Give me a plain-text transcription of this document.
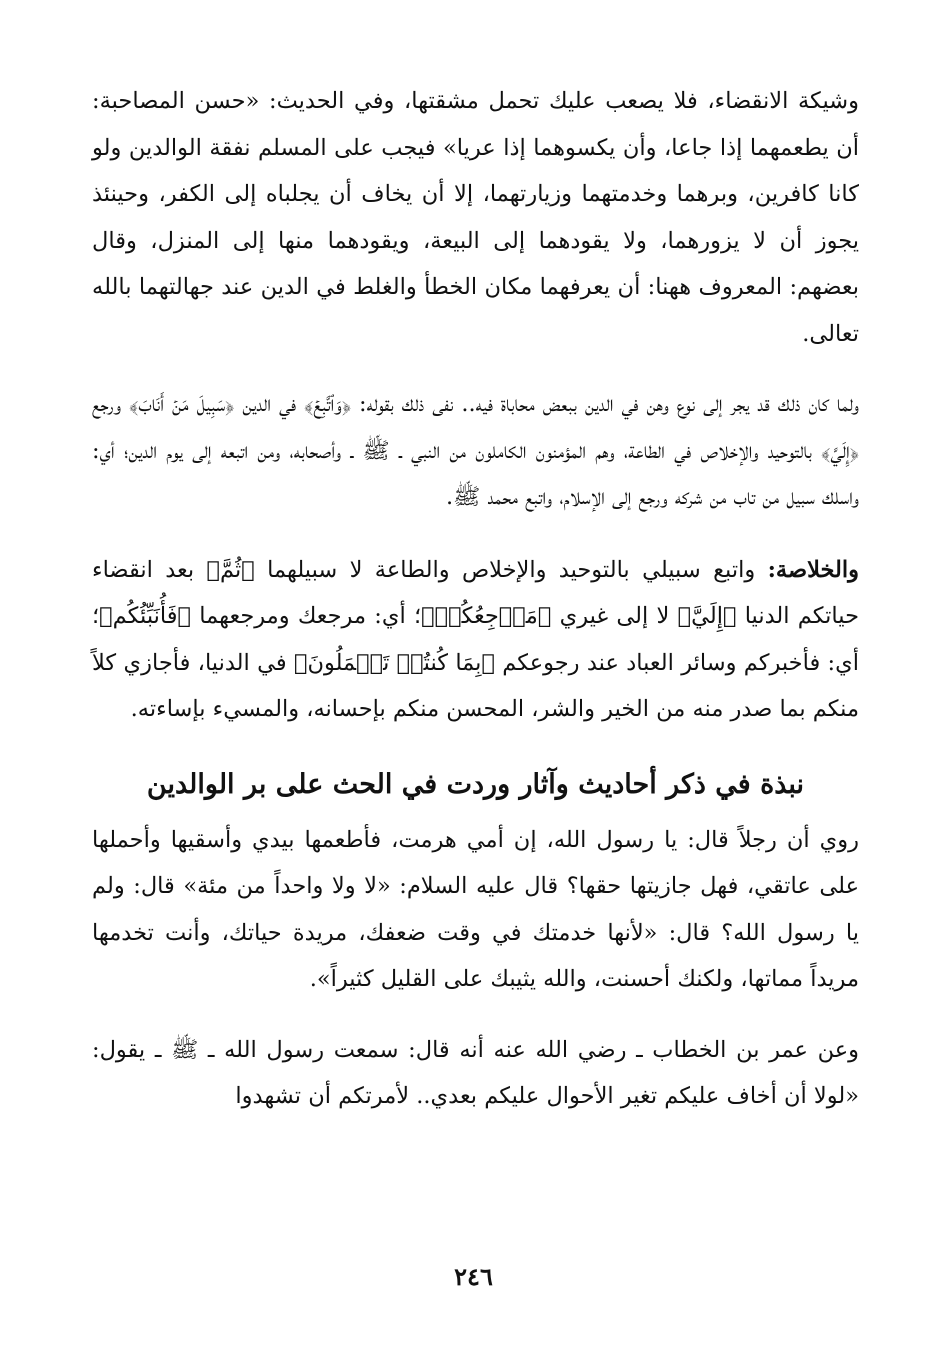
وشيكة الانقضاء، فلا يصعب عليك تحمل مشقتها، وفي الحديث: «حسن المصاحبة: أن يطعمهما إذا جاعا، وأن يكسوهما إذا عريا» فيجب على المسلم نفقة الوالدين ولو كانا كافرين، وبرهما وخدمتهما وزيارتهما، إلا أن يخاف أن يجلباه إلى الكفر، وحينئذ يجوز أن لا يزورهما، ولا يقودهما إلى البيعة، ويقودهما منها إلى المنزل، وقال بعضهم: المعروف ههنا: أن يعرفهما مكان الخطأ والغلط في الدين عند جهالتهما بالله تعالى.

ولما كان ذلك قد يجر إلى نوع وهن في الدين ببعض محاباة فيه.. نفى ذلك بقوله: ﴿وَٱتَّبِعۡ﴾ في الدين ﴿سَبِيلَ مَنۡ أَنَابَ﴾ ورجع ﴿إِلَيَّ﴾ بالتوحيد والإخلاص في الطاعة، وهم المؤمنون الكاملون من النبي ـ ﷺ ـ وأصحابه، ومن اتبعه إلى يوم الدين؛ أي: واسلك سبيل من تاب من شركه ورجع إلى الإسلام، واتبع محمد ﷺ.

والخلاصة: واتبع سبيلي بالتوحيد والإخلاص والطاعة لا سبيلهما ﴿ثُمَّ﴾ بعد انقضاء حياتكم الدنيا ﴿إِلَيَّ﴾ لا إلى غيري ﴿مَرۡجِعُكُمۡ﴾؛ أي: مرجعك ومرجعهما ﴿فَأُنَبِّئُكُم﴾؛ أي: فأخبركم وسائر العباد عند رجوعكم ﴿بِمَا كُنتُمۡ تَعۡمَلُونَ﴾ في الدنيا، فأجازي كلاً منكم بما صدر منه من الخير والشر، المحسن منكم بإحسانه، والمسيء بإساءته.

نبذة في ذكر أحاديث وآثار وردت في الحث على بر الوالدين

روي أن رجلاً قال: يا رسول الله، إن أمي هرمت، فأطعمها بيدي وأسقيها وأحملها على عاتقي، فهل جازيتها حقها؟ قال عليه السلام: «لا ولا واحداً من مئة» قال: ولم يا رسول الله؟ قال: «لأنها خدمتك في وقت ضعفك، مريدة حياتك، وأنت تخدمها مريداً مماتها، ولكنك أحسنت، والله يثيبك على القليل كثيراً».

وعن عمر بن الخطاب ـ رضي الله عنه أنه قال: سمعت رسول الله ـ ﷺ ـ يقول: «لولا أن أخاف عليكم تغير الأحوال عليكم بعدي.. لأمرتكم أن تشهدوا

٢٤٦
